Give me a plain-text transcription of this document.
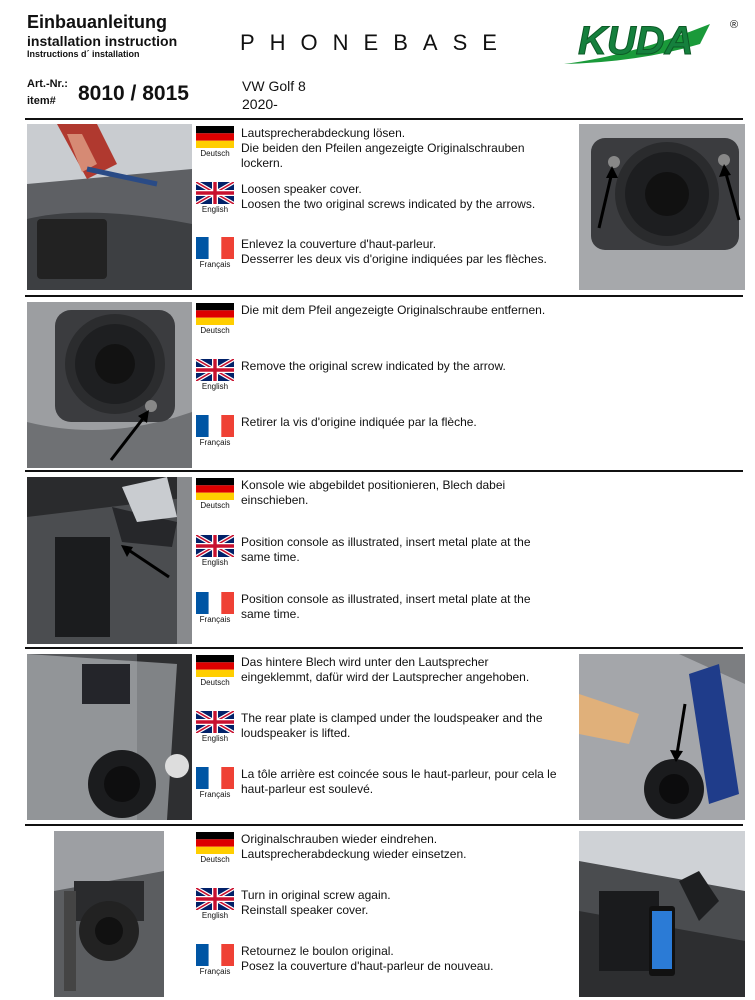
Einbauanleitung
installation instruction
Instructions d´ installation	PHONEBASE KUDA	®
Art.-Nr.:
item# 8010 / 8015	VW Golf 8
2020-
Deutsch
Lautsprecherabdeckung lösen.
Die beiden den Pfeilen angezeigte Originalschrauben lockern.
English
Loosen speaker cover.
Loosen the two original screws indicated by the arrows.
Français
Enlevez la couverture d'haut-parleur.
Desserrer les deux vis d'origine indiquées par les flèches.
Deutsch
Die mit dem Pfeil angezeigte Originalschraube entfernen.
English
Remove the original screw indicated by the arrow.
Français
Retirer la vis d'origine indiquée par la flèche.
Deutsch
Konsole wie abgebildet positionieren, Blech dabei einschieben.
English
Position console as illustrated, insert metal plate at the same time.
Français
Position console as illustrated, insert metal plate at the same time.
Deutsch
Das hintere Blech wird unter den Lautsprecher eingeklemmt, dafür wird der Lautsprecher angehoben.
English
The rear plate is clamped under the loudspeaker and the loudspeaker is lifted.
Français
La tôle arrière est coincée sous le haut-parleur, pour cela le haut-parleur est soulevé.
Deutsch
Originalschrauben wieder eindrehen.
Lautsprecherabdeckung wieder einsetzen.
English
Turn in original screw again.
Reinstall speaker cover.
Français
Retournez le boulon original.
Posez la couverture d'haut-parleur de nouveau.
